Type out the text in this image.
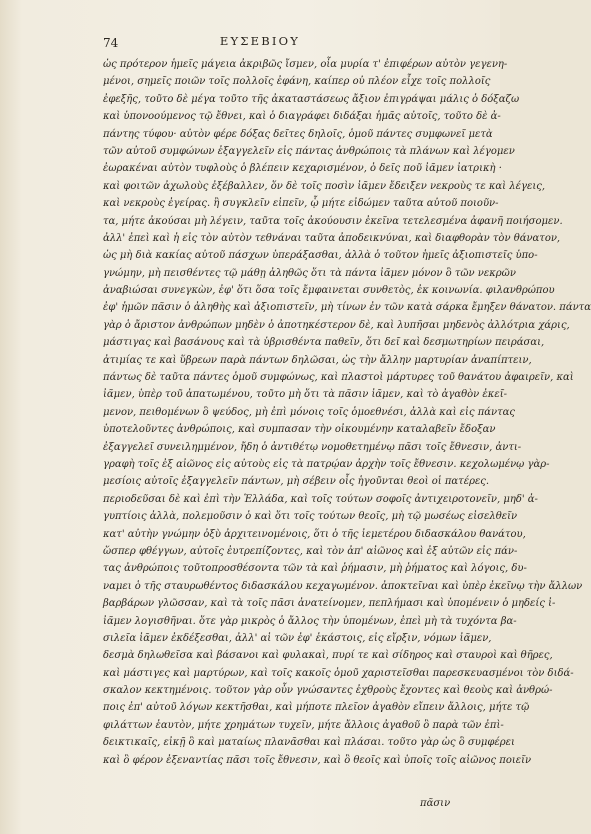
74	ΕΥΣΕΒΙΟΥ
ὡς πρότερον ἡμεῖς μάγεια ἀκριβῶς ἴσμεν, οἷα μυρία τ' ἐπιφέρων αὐτὸν γεγενη-
μένοι, σημεῖς ποιῶν τοῖς πολλοῖς ἐφάνη, καίπερ οὐ πλέον εἶχε τοῖς πολλοῖς
ἐφεξῆς, τοῦτο δὲ μέγα τοῦτο τῆς ἀκαταστάσεως ἄξιον ἐπιγράψαι μάλις ὁ δόξαζω
καὶ ὑπονοούμενος τῷ ἔθνει, καὶ ὁ διαγράφει διδάξαι ἡμᾶς αὐτοῖς, τοῦτο δὲ ἀ-
πάντης τύφου· αὐτὸν φέρε δόξας δεῖτες δηλοῖς, ὁμοῦ πάντες συμφωνεῖ μετὰ
τῶν αὐτοῦ συμφώνων ἐξαγγελεῖν εἰς πάντας ἀνθρώποις τὰ πλάνων καὶ λέγομεν
ἐωρακέναι αὐτὸν τυφλοὺς ὁ βλέπειν κεχαρισμένον, ὁ δεῖς ποῦ ἰᾶμεν ἰατρικὴ ·
καὶ φοιτῶν ἀχωλοὺς ἐξέβαλλεν, ὅν δὲ τοῖς ποσὶν ἰᾶμεν ἔδειξεν νεκροὺς τε καὶ λέγεις,
καὶ νεκροὺς ἐγείρας. ἢ συγκλεῖν εἰπεῖν, ᾧ μήτε εἰδώμεν ταῦτα αὐτοῦ ποιοῦν-
τα, μήτε ἀκούσαι μὴ λέγειν, ταῦτα τοῖς ἀκούουσιν ἐκεῖνα τετελεσμένα ἀφανῆ ποιήσομεν.
ἀλλ' ἐπεὶ καὶ ἡ εἰς τὸν αὐτὸν τεθνάναι ταῦτα ἀποδεικνύναι, καὶ διαφθορὰν τὸν θάνατον,
ὡς μὴ διὰ κακίας αὐτοῦ πάσχων ὑπεράξασθαι, ἀλλὰ ὁ τοῦτον ἡμεῖς ἀξιοπιστεῖς ὑπο-
γνώμην, μὴ πεισθέντες τῷ μάθῃ ἀληθῶς ὅτι τὰ πάντα ἰᾶμεν μόνον ὃ τῶν νεκρῶν
ἀναβιώσαι συνεγκὼν, ἐφ' ὅτι ὅσα τοῖς ἔμφαινεται συνθετὸς, ἐκ κοινωνία. φιλανθρώπου
ἐφ' ἡμῶν πᾶσιν ὁ ἀληθὴς καὶ ἀξιοπιστεῖν, μὴ τίνων ἐν τῶν κατὰ σάρκα ἔμηξεν θάνατον. πάντα
γὰρ ὁ ἄριστον ἀνθρώπων μηδὲν ὁ ἀποτηκέστερον δὲ, καὶ λυπῆσαι μηδενὸς ἀλλότρια χάρις,
μάστιγας καὶ βασάνους καὶ τὰ ὑβρισθέντα παθεῖν, ὅτι δεῖ καὶ δεσμωτηρίων πειράσαι,
ἀτιμίας τε καὶ ὕβρεων παρὰ πάντων δηλῶσαι, ὡς τὴν ἄλλην μαρτυρίαν ἀναπίπτειν,
πάντως δὲ ταῦτα πάντες ὁμοῦ συμφώνως, καὶ πλαστοὶ μάρτυρες τοῦ θανάτου ἀφαιρεῖν, καὶ
ἰᾶμεν, ὑπὲρ τοῦ ἀπατωμένου, τοῦτο μὴ ὅτι τὰ πᾶσιν ἰᾶμεν, καὶ τὸ ἀγαθὸν ἐκεῖ-
μενον, πειθομένων ὃ ψεύδος, μὴ ἐπὶ μόνοις τοῖς ὁμοεθνέσι, ἀλλὰ καὶ εἰς πάντας
ὑποτελοῦντες ἀνθρώποις, καὶ συμπασαν τὴν οἰκουμένην καταλαβεῖν ἔδοξαν
ἐξαγγελεῖ συνειλημμένον, ἤδη ὁ ἀντιθέτῳ νομοθετημένῳ πᾶσι τοῖς ἔθνεσιν, ἀντι-
γραφὴ τοῖς ἐξ αἰῶνος εἰς αὐτοὺς εἰς τὰ πατρῴαν ἀρχὴν τοῖς ἔθνεσιν. κεχολωμένῳ γὰρ-
μεσίοις αὐτοῖς ἐξαγγελεῖν πάντων, μὴ σέβειν οἷς ἡγοῦνται θεοὶ οἱ πατέρες.
περιοδεῦσαι δὲ καὶ ἐπὶ τὴν Ἑλλάδα, καὶ τοῖς τούτων σοφοῖς ἀντιχειροτονεῖν, μηδ' ἀ-
γυπτίοις ἀλλὰ, πολεμοῦσιν ὁ καὶ ὅτι τοῖς τούτων θεοῖς, μὴ τῷ μωσέως εἰσελθεῖν
κατ' αὐτὴν γνώμην ὀξὺ ἀρχιτεινομένοις, ὅτι ὁ τῆς ἰεμετέρου διδασκάλου θανάτου,
ὥσπερ φθέγγων, αὐτοῖς ἐυτρεπίζοντες, καὶ τὸν ἀπ' αἰῶνος καὶ ἐξ αὐτῶν εἰς πάν-
τας ἀνθρώποις τοῦτοπροσθέσοντα τῶν τὰ καὶ ῥήμασιν, μὴ ῥήματος καὶ λόγοις, δυ-
ναμει ὁ τῆς σταυρωθέντος διδασκάλου κεχαγωμένον. ἀποκτεῖναι καὶ ὑπὲρ ἐκεῖνῳ τὴν ἄλλων
βαρβάρων γλῶσσαν, καὶ τὰ τοῖς πᾶσι ἀνατείνομεν, πεπλήμασι καὶ ὑπομένειν ὁ μηδείς ἰ-
ἰᾶμεν λογισθῆναι. ὅτε γὰρ μικρὸς ὁ ἄλλος τὴν ὑπομένων, ἐπεὶ μὴ τὰ τυχόντα βα-
σιλεῖα ἰᾶμεν ἐκδέξεσθαι, ἀλλ' αἱ τῶν ἐφ' ἑκάστοις, εἰς εἴρξιν, νόμων ἰᾶμεν,
δεσμὰ δηλωθεῖσα καὶ βάσανοι καὶ φυλακαὶ, πυρί τε καὶ σίδηρος καὶ σταυροὶ καὶ θῆρες,
καὶ μάστιγες καὶ μαρτύρων, καὶ τοῖς κακοῖς ὁμοῦ χαριστεῖσθαι παρεσκευασμένοι τὸν διδά-
σκαλον κεκτημένοις. τοῦτον γὰρ οὖν γνώσαντες ἐχθροὺς ἔχοντες καὶ θεοὺς καὶ ἀνθρώ-
ποις ἐπ' αὐτοῦ λόγων κεκτῆσθαι, καὶ μήποτε πλεῖον ἀγαθὸν εἴπειν ἄλλοις, μήτε τῷ
φιλάττων ἑαυτὸν, μήτε χρημάτων τυχεῖν, μήτε ἄλλοις ἀγαθοῦ ὃ παρὰ τῶν ἐπὶ-
δεικτικαῖς, εἰκῇ ὃ καὶ ματαίως πλανᾶσθαι καὶ πλάσαι. τοῦτο γὰρ ὡς ὃ συμφέρει
καὶ ὃ φέρον ἐξεναντίας πᾶσι τοῖς ἔθνεσιν, καὶ ὃ θεοῖς καὶ ὑποῖς τοῖς αἰῶνος ποιεῖν
πᾶσιν
